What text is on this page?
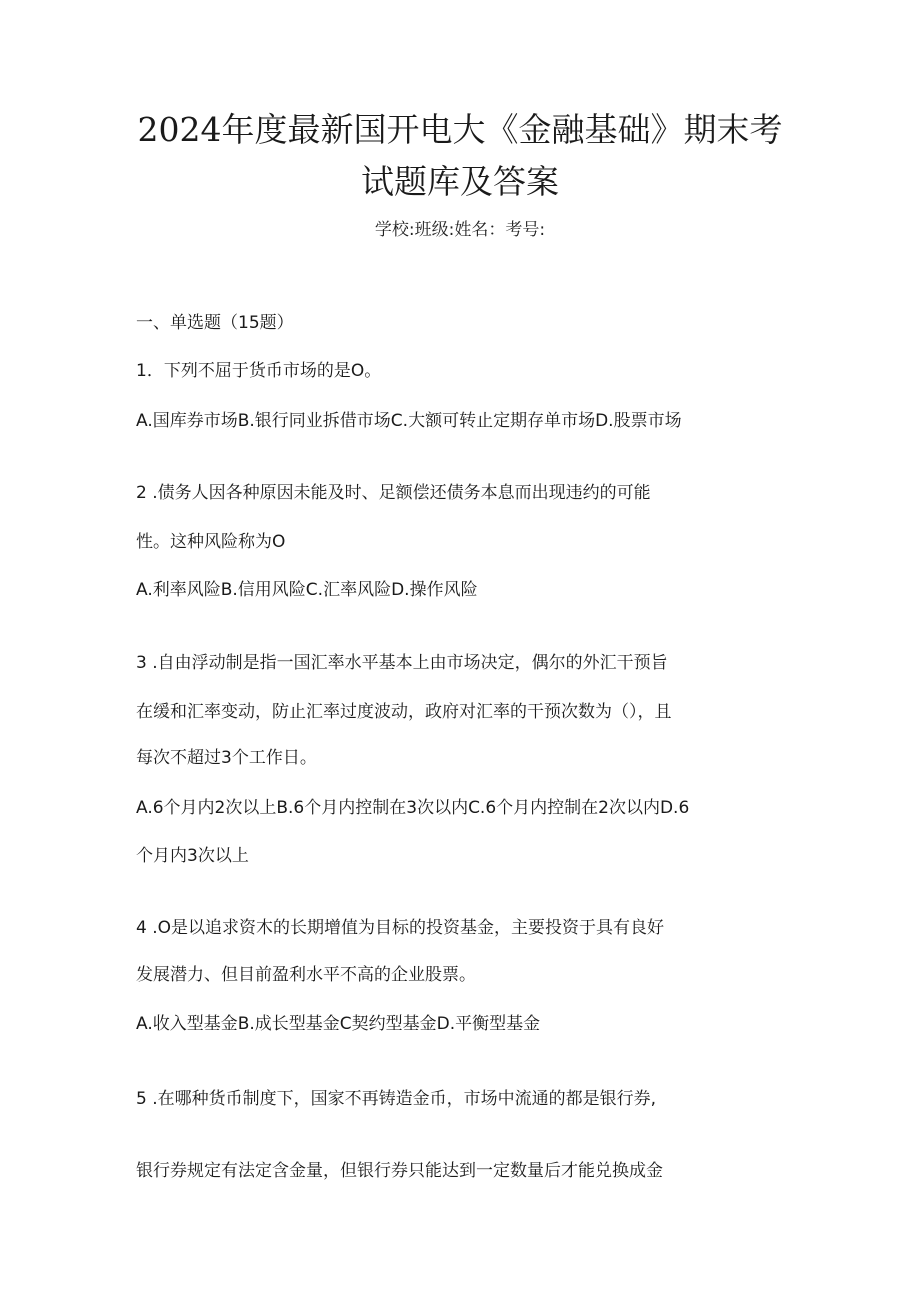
2024年度最新国开电大《金融基础》期末考
试题库及答案
学校:班级:姓名：考号:
一、单选题（15题）
1．下列不屈于货币市场的是O。
A.国库券市场B.银行同业拆借市场C.大额可转止定期存单市场D.股票市场
2 .债务人因各种原因未能及时、足额偿还债务本息而出现违约的可能
性。这种风险称为O
A.利率风险B.信用风险C.汇率风险D.操作风险
3 .自由浮动制是指一国汇率水平基本上由市场决定，偶尔的外汇干预旨
在缓和汇率变动，防止汇率过度波动，政府对汇率的干预次数为（），且
每次不超过3个工作日。
A.6个月内2次以上B.6个月内控制在3次以内C.6个月内控制在2次以内D.6
个月内3次以上
4 .O是以追求资木的长期增值为目标的投资基金，主要投资于具有良好
发展潜力、但目前盈利水平不高的企业股票。
A.收入型基金B.成长型基金C契约型基金D.平衡型基金
5 .在哪种货币制度下，国家不再铸造金币，市场中流通的都是银行券,
银行券规定有法定含金量，但银行券只能达到一定数量后才能兑换成金
